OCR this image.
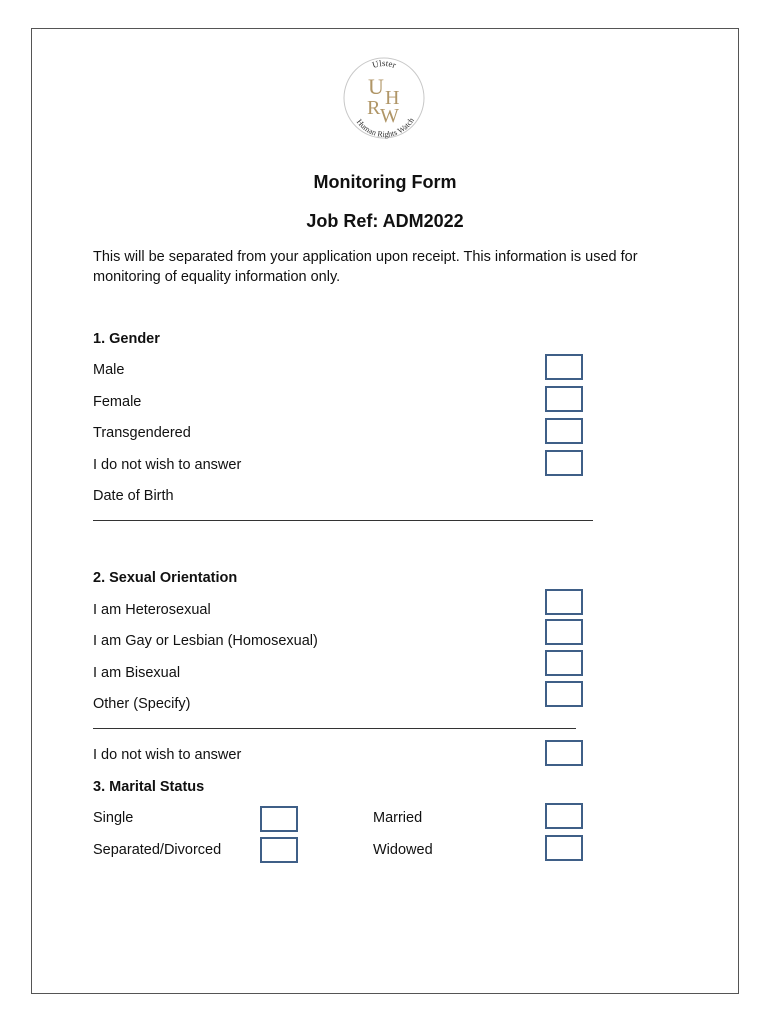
Ulster
U H
R W
Human Rights Watch
Monitoring Form
Job Ref: ADM2022
This will be separated from your application upon receipt. This information is used for
monitoring of equality information only.
1. Gender
Male
Female
Transgendered
I do not wish to answer
Date of Birth
2. Sexual Orientation
I am Heterosexual
I am Gay or Lesbian (Homosexual)
I am Bisexual
Other (Specify)
I do not wish to answer
3. Marital Status
Single	Married
Separated/Divorced	Widowed
